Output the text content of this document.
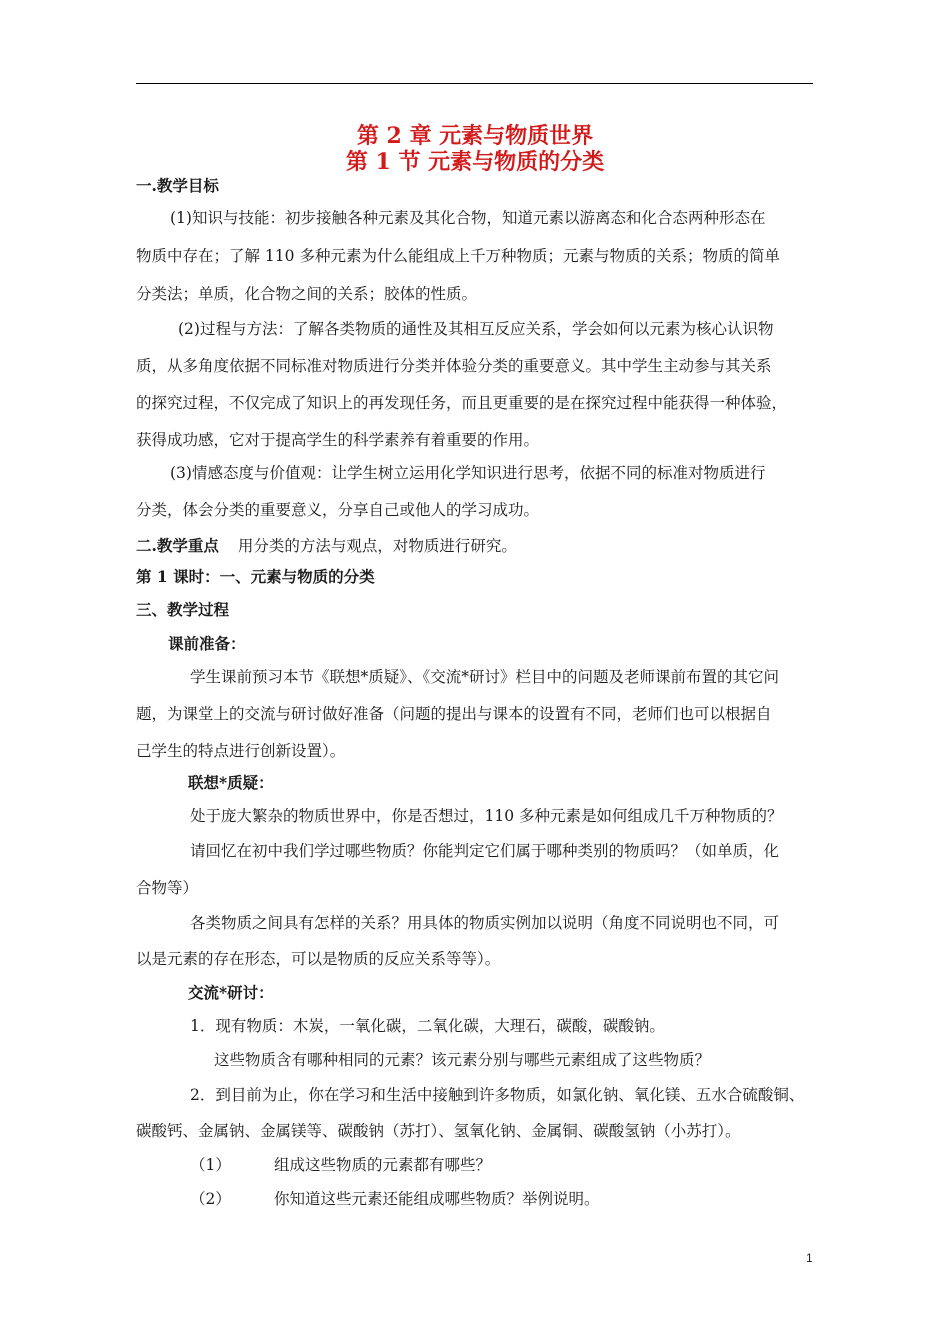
第 2 章 元素与物质世界
第 1 节 元素与物质的分类
一.教学目标
(1)知识与技能：初步接触各种元素及其化合物，知道元素以游离态和化合态两种形态在
物质中存在；了解 110 多种元素为什么能组成上千万种物质；元素与物质的关系；物质的简单
分类法；单质，化合物之间的关系；胶体的性质。
(2)过程与方法：了解各类物质的通性及其相互反应关系，学会如何以元素为核心认识物
质，从多角度依据不同标准对物质进行分类并体验分类的重要意义。其中学生主动参与其关系
的探究过程，不仅完成了知识上的再发现任务，而且更重要的是在探究过程中能获得一种体验，
获得成功感，它对于提高学生的科学素养有着重要的作用。
(3)情感态度与价值观：让学生树立运用化学知识进行思考，依据不同的标准对物质进行
分类，体会分类的重要意义，分享自己或他人的学习成功。
二.教学重点 用分类的方法与观点，对物质进行研究。
第 1 课时：一、元素与物质的分类
三、教学过程
课前准备：
学生课前预习本节《联想*质疑》、《交流*研讨》栏目中的问题及老师课前布置的其它问
题，为课堂上的交流与研讨做好准备（问题的提出与课本的设置有不同，老师们也可以根据自
己学生的特点进行创新设置）。
联想*质疑：
处于庞大繁杂的物质世界中，你是否想过，110 多种元素是如何组成几千万种物质的？
请回忆在初中我们学过哪些物质？你能判定它们属于哪种类别的物质吗？（如单质，化
合物等）
各类物质之间具有怎样的关系？用具体的物质实例加以说明（角度不同说明也不同，可
以是元素的存在形态，可以是物质的反应关系等等）。
交流*研讨：
1．现有物质：木炭，一氧化碳，二氧化碳，大理石，碳酸，碳酸钠。
这些物质含有哪种相同的元素？该元素分别与哪些元素组成了这些物质？
2．到目前为止，你在学习和生活中接触到许多物质，如氯化钠、氧化镁、五水合硫酸铜、
碳酸钙、金属钠、金属镁等、碳酸钠（苏打）、氢氧化钠、金属铜、碳酸氢钠（小苏打）。
（1）	组成这些物质的元素都有哪些？
（2）	你知道这些元素还能组成哪些物质？举例说明。
1
